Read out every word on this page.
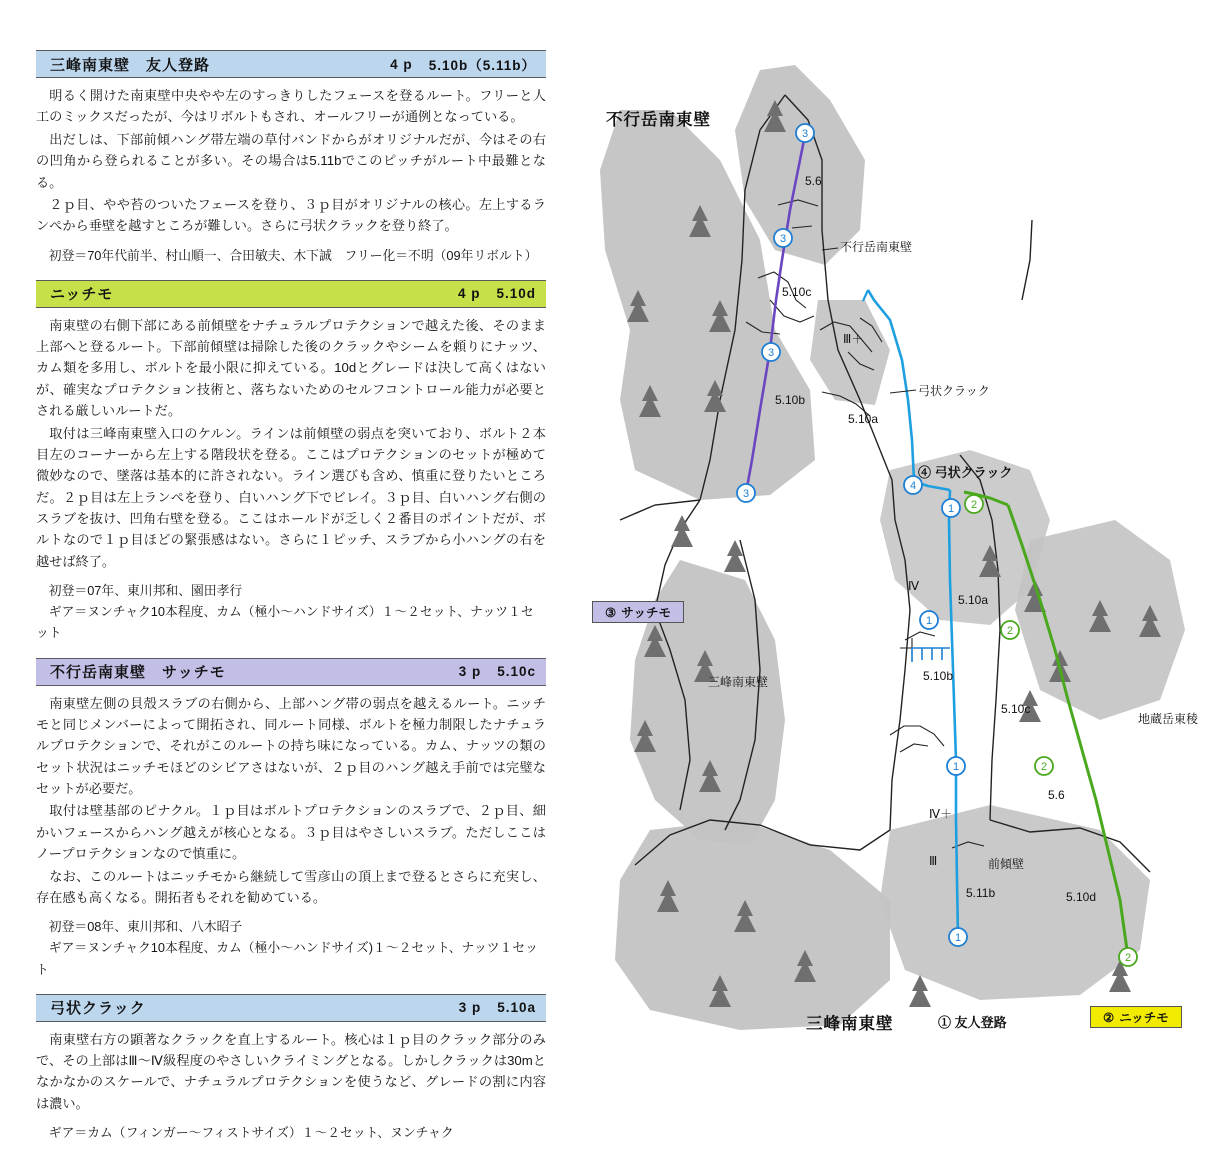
三峰南東壁　友人登路	4 p 5.10b（5.11b）

明るく開けた南東壁中央やや左のすっきりしたフェースを登るルート。フリーと人工のミックスだったが、今はリボルトもされ、オールフリーが通例となっている。

出だしは、下部前傾ハング帯左端の草付バンドからがオリジナルだが、今はその右の凹角から登られることが多い。その場合は5.11bでこのピッチがルート中最難となる。

２ｐ目、やや苔のついたフェースを登り、３ｐ目がオリジナルの核心。左上するランぺから垂壁を越すところが難しい。さらに弓状クラックを登り終了。

初登＝70年代前半、村山順一、合田敏夫、木下誠　フリー化＝不明（09年リボルト）
ニッチモ	4 p 5.10d

南東壁の右側下部にある前傾壁をナチュラルプロテクションで越えた後、そのまま上部へと登るルート。下部前傾壁は掃除した後のクラックやシームを頼りにナッツ、カム類を多用し、ボルトを最小限に抑えている。10dとグレードは決して高くはないが、確実なプロテクション技術と、落ちないためのセルフコントロール能力が必要とされる厳しいルートだ。

取付は三峰南東壁入口のケルン。ラインは前傾壁の弱点を突いており、ボルト２本目左のコーナーから左上する階段状を登る。ここはプロテクションのセットが極めて微妙なので、墜落は基本的に許されない。ライン選びも含め、慎重に登りたいところだ。２ｐ目は左上ランぺを登り、白いハング下でビレイ。３ｐ目、白いハング右側のスラブを抜け、凹角右壁を登る。ここはホールドが乏しく２番目のポイントだが、ボルトなので１ｐ目ほどの緊張感はない。さらに１ピッチ、スラブから小ハングの右を越せば終了。

初登＝07年、東川邦和、園田孝行
ギア＝ヌンチャク10本程度、カム（極小〜ハンドサイズ）１〜２セット、ナッツ１セット
不行岳南東壁　サッチモ	3 p 5.10c

南東壁左側の貝殻スラブの右側から、上部ハング帯の弱点を越えるルート。ニッチモと同じメンバーによって開拓され、同ルート同様、ボルトを極力制限したナチュラルプロテクションで、それがこのルートの持ち味になっている。カム、ナッツの類のセット状況はニッチモほどのシビアさはないが、２ｐ目のハング越え手前では完璧なセットが必要だ。

取付は壁基部のピナクル。１ｐ目はボルトプロテクションのスラブで、２ｐ目、細かいフェースからハング越えが核心となる。３ｐ目はやさしいスラブ。ただしここはノープロテクションなので慎重に。

なお、このルートはニッチモから継続して雪彦山の頂上まで登るとさらに充実し、存在感も高くなる。開拓者もそれを勧めている。

初登＝08年、東川邦和、八木昭子
ギア＝ヌンチャク10本程度、カム（極小〜ハンドサイズ)１〜２セット、ナッツ１セット
弓状クラック	3 p 5.10a

南東壁右方の顕著なクラックを直上するルート。核心は１ｐ目のクラック部分のみで、その上部はⅢ〜Ⅳ級程度のやさしいクライミングとなる。しかしクラックは30mとなかなかのスケールで、ナチュラルプロテクションを使うなど、グレードの割に内容は濃い。

ギア＝カム（フィンガー〜フィストサイズ）１〜２セット、ヌンチャク
3
3
3
3
4
1
1
1
1
2
2
2
2
不行岳南東壁
三峰南東壁
不行岳南東壁
三峰南東壁
地蔵岳東稜
前傾壁
弓状クラック
5.6
5.10c
5.10b
5.10a
Ⅲ＋
Ⅳ
5.10a
5.10b
5.10c
5.6
Ⅳ＋
Ⅲ
5.11b	5.10d
④ 弓状クラック
③ サッチモ
① 友人登路	② ニッチモ
